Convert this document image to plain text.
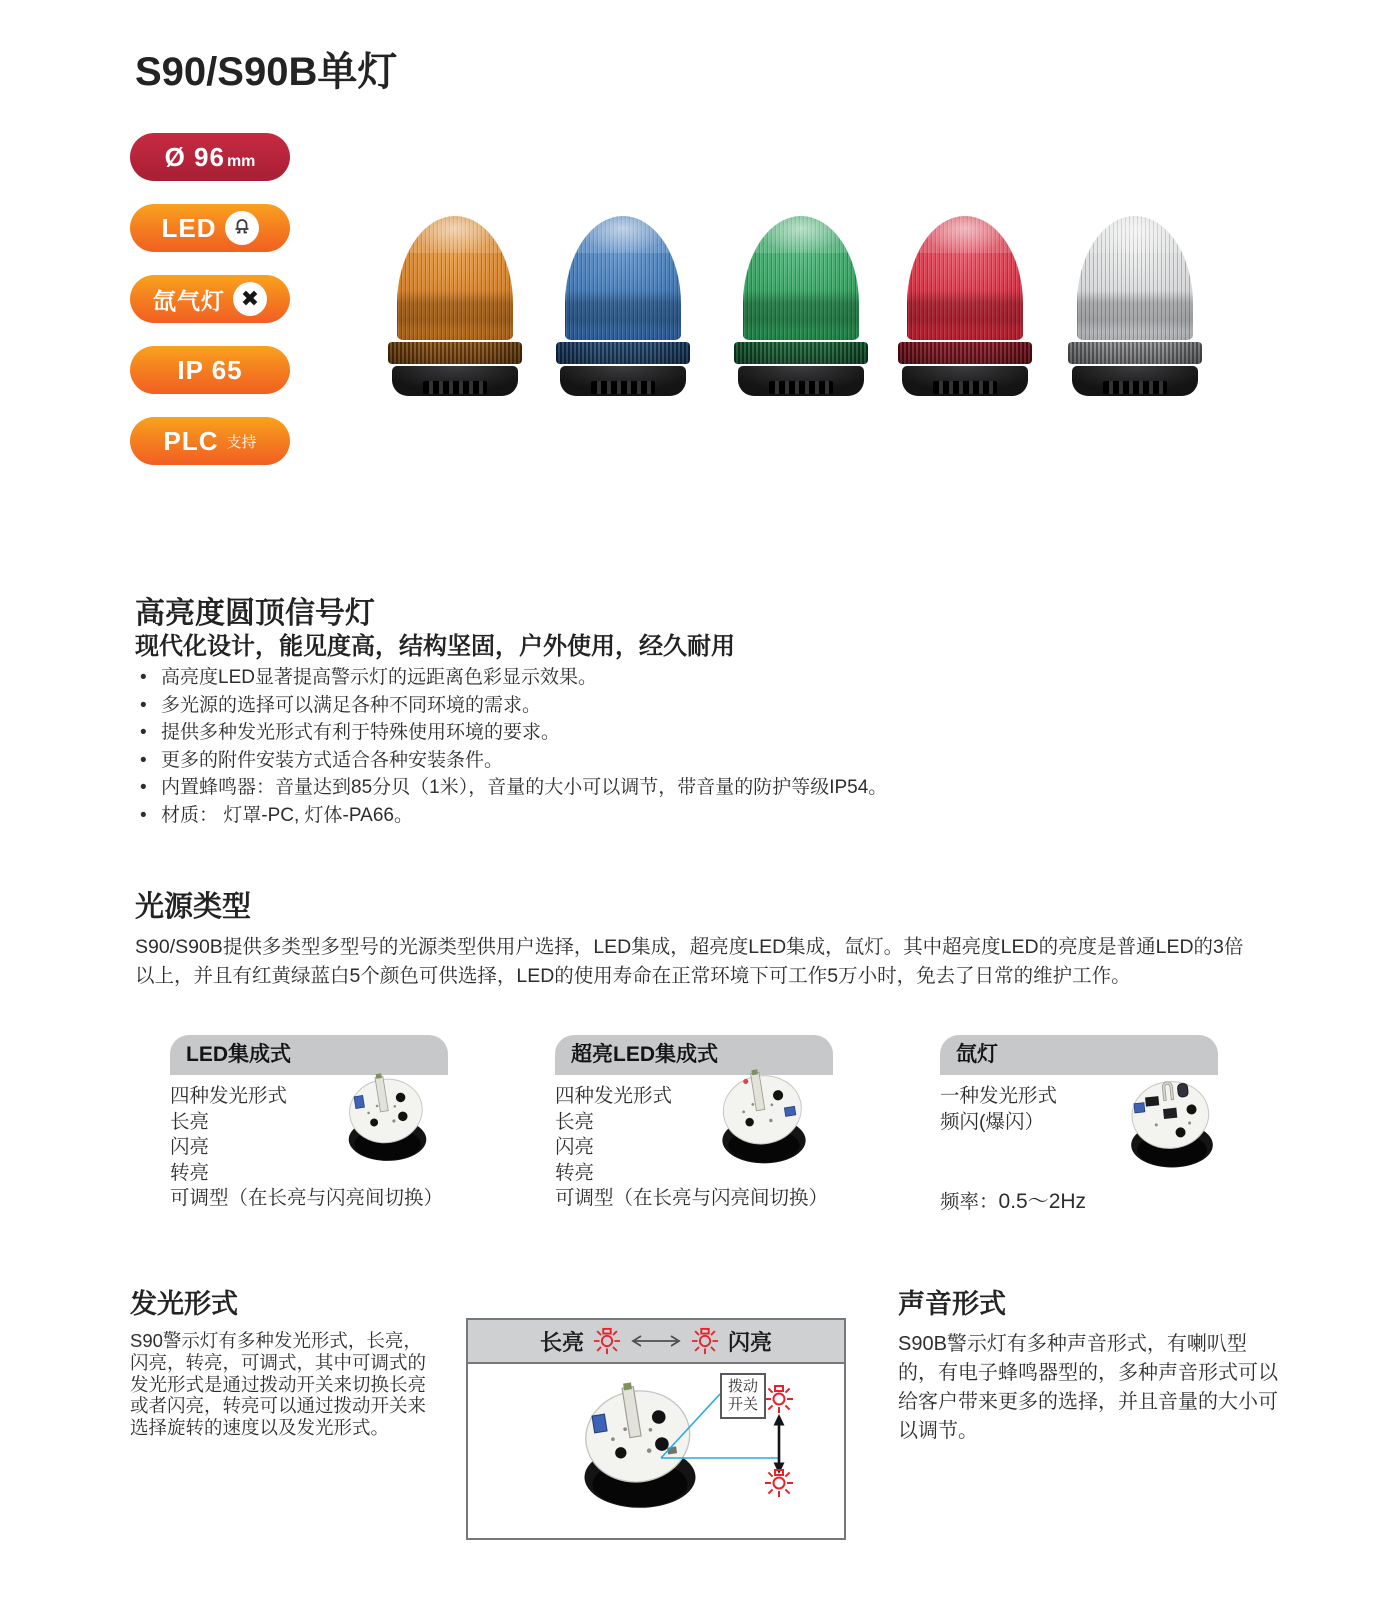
S90/S90B单灯
Ø 96 mm
LED
氙气灯 ✖
IP 65
PLC 支持
高亮度圆顶信号灯
现代化设计，能见度高，结构坚固，户外使用，经久耐用
• 高亮度LED显著提高警示灯的远距离色彩显示效果。
• 多光源的选择可以满足各种不同环境的需求。
• 提供多种发光形式有利于特殊使用环境的要求。
• 更多的附件安装方式适合各种安装条件。
• 内置蜂鸣器：音量达到85分贝（1米），音量的大小可以调节，带音量的防护等级IP54。
• 材质： 灯罩-PC, 灯体-PA66。
光源类型

S90/S90B提供多类型多型号的光源类型供用户选择，LED集成，超亮度LED集成，氙灯。其中超亮度LED的亮度是普通LED的3倍以上，并且有红黄绿蓝白5个颜色可供选择，LED的使用寿命在正常环境下可工作5万小时，免去了日常的维护工作。

LED集成式
四种发光形式
长亮
闪亮
转亮
可调型（在长亮与闪亮间切换）
超亮LED集成式
四种发光形式
长亮
闪亮
转亮
可调型（在长亮与闪亮间切换）
氙灯
一种发光形式
频闪(爆闪）
频率：0.5～2Hz
发光形式

S90警示灯有多种发光形式，长亮，闪亮，转亮，可调式，其中可调式的发光形式是通过拨动开关来切换长亮或者闪亮，转亮可以通过拨动开关来选择旋转的速度以及发光形式。

长亮	闪亮
拨动
开关
声音形式

S90B警示灯有多种声音形式，有喇叭型的，有电子蜂鸣器型的，多种声音形式可以给客户带来更多的选择，并且音量的大小可以调节。
